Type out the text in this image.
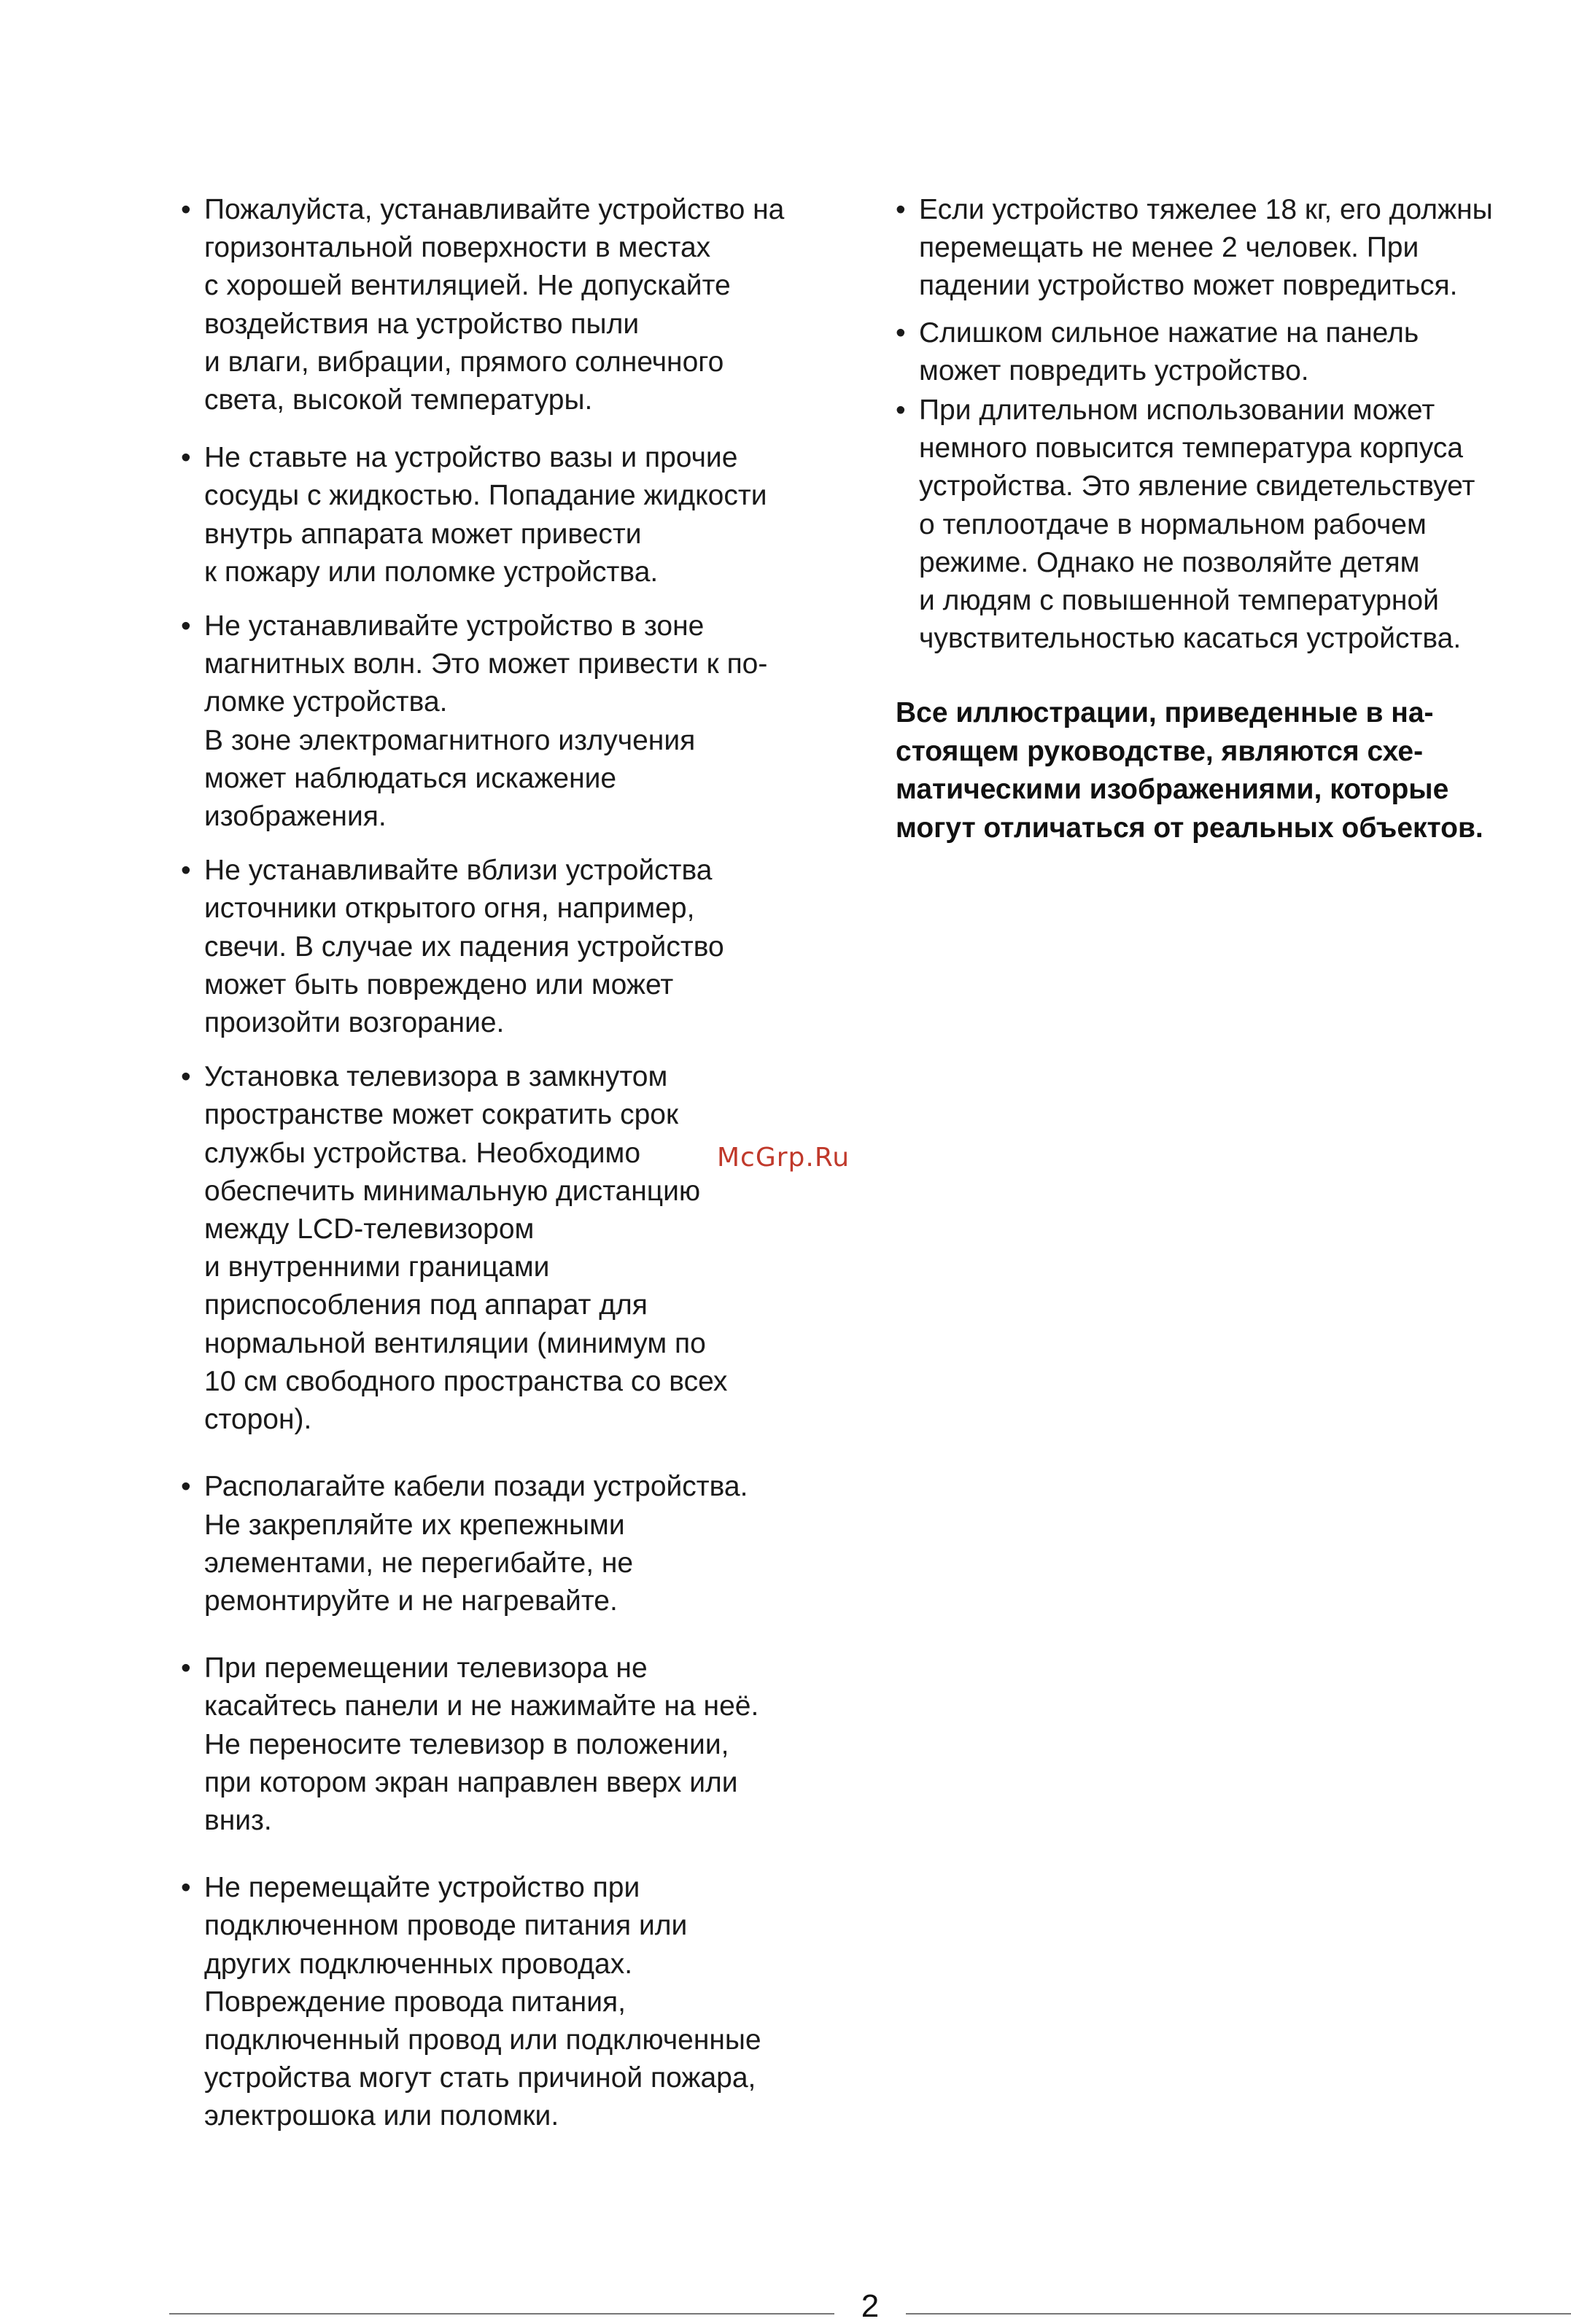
• Пожалуйста, устанавливайте устройство на
горизонтальной поверхности в местах
с хорошей вентиляцией. Не допускайте
воздействия на устройство пыли
и влаги, вибрации, прямого солнечного
света, высокой температуры.
• Не ставьте на устройство вазы и прочие
сосуды с жидкостью. Попадание жидкости
внутрь аппарата может привести
к пожару или поломке устройства.
• Не устанавливайте устройство в зоне
магнитных волн. Это может привести к по-
ломке устройства.
В зоне электромагнитного излучения
может наблюдаться искажение
изображения.
• Не устанавливайте вблизи устройства
источники открытого огня, например,
свечи. В случае их падения устройство
может быть повреждено или может
произойти возгорание.
• Установка телевизора в замкнутом
пространстве может сократить срок
службы устройства. Необходимо
обеспечить минимальную дистанцию
между LCD-телевизором
и внутренними границами
приспособления под аппарат для
нормальной вентиляции (минимум по
10 см свободного пространства со всех
сторон).
• Располагайте кабели позади устройства.
Не закрепляйте их крепежными
элементами, не перегибайте, не
ремонтируйте и не нагревайте.
• При перемещении телевизора не
касайтесь панели и не нажимайте на неё.
Не переносите телевизор в положении,
при котором экран направлен вверх или
вниз.
• Не перемещайте устройство при
подключенном проводе питания или
других подключенных проводах.
Повреждение провода питания,
подключенный провод или подключенные
устройства могут стать причиной пожара,
электрошока или поломки.
• Если устройство тяжелее 18 кг, его должны
перемещать не менее 2 человек. При
падении устройство может повредиться.
• Слишком сильное нажатие на панель
может повредить устройство.
• При длительном использовании может
немного повысится температура корпуса
устройства. Это явление свидетельствует
о теплоотдаче в нормальном рабочем
режиме. Однако не позволяйте детям
и людям с повышенной температурной
чувствительностью касаться устройства.
Все иллюстрации, приведенные в на-
стоящем руководстве, являются схе-
матическими изображениями, которые
могут отличаться от реальных объектов.
McGrp.Ru
2
